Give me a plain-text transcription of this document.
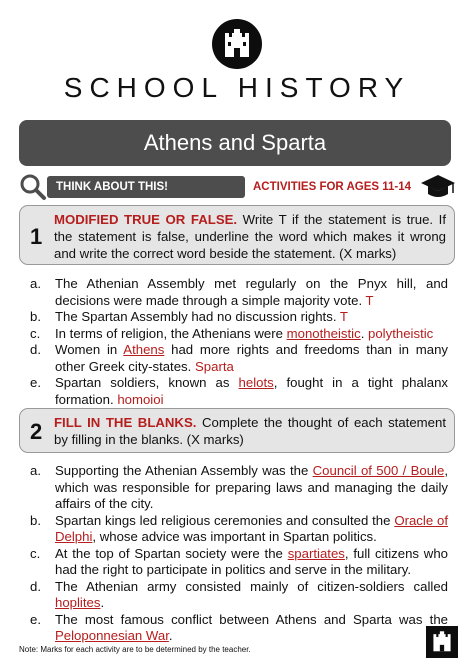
SCHOOL HISTORY
Athens and Sparta
THINK ABOUT THIS!	ACTIVITIES FOR AGES 11-14
1
MODIFIED TRUE OR FALSE. Write T if the statement is true. If the statement is false, underline the word which makes it wrong and write the correct word beside the statement. (X marks)
a. The Athenian Assembly met regularly on the Pnyx hill, and decisions were made through a simple majority vote. T
b. The Spartan Assembly had no discussion rights. T
c. In terms of religion, the Athenians were monotheistic. polytheistic
d. Women in Athens had more rights and freedoms than in many other Greek city-states. Sparta
e. Spartan soldiers, known as helots, fought in a tight phalanx formation. homoioi
2 FILL IN THE BLANKS. Complete the thought of each statement by filling in the blanks. (X marks)
a. Supporting the Athenian Assembly was the Council of 500 / Boule, which was responsible for preparing laws and managing the daily affairs of the city.
b. Spartan kings led religious ceremonies and consulted the Oracle of Delphi, whose advice was important in Spartan politics.
c. At the top of Spartan society were the spartiates, full citizens who had the right to participate in politics and serve in the military.
d. The Athenian army consisted mainly of citizen-soldiers called hoplites.
e. The most famous conflict between Athens and Sparta was the Peloponnesian War.
Note: Marks for each activity are to be determined by the teacher.
